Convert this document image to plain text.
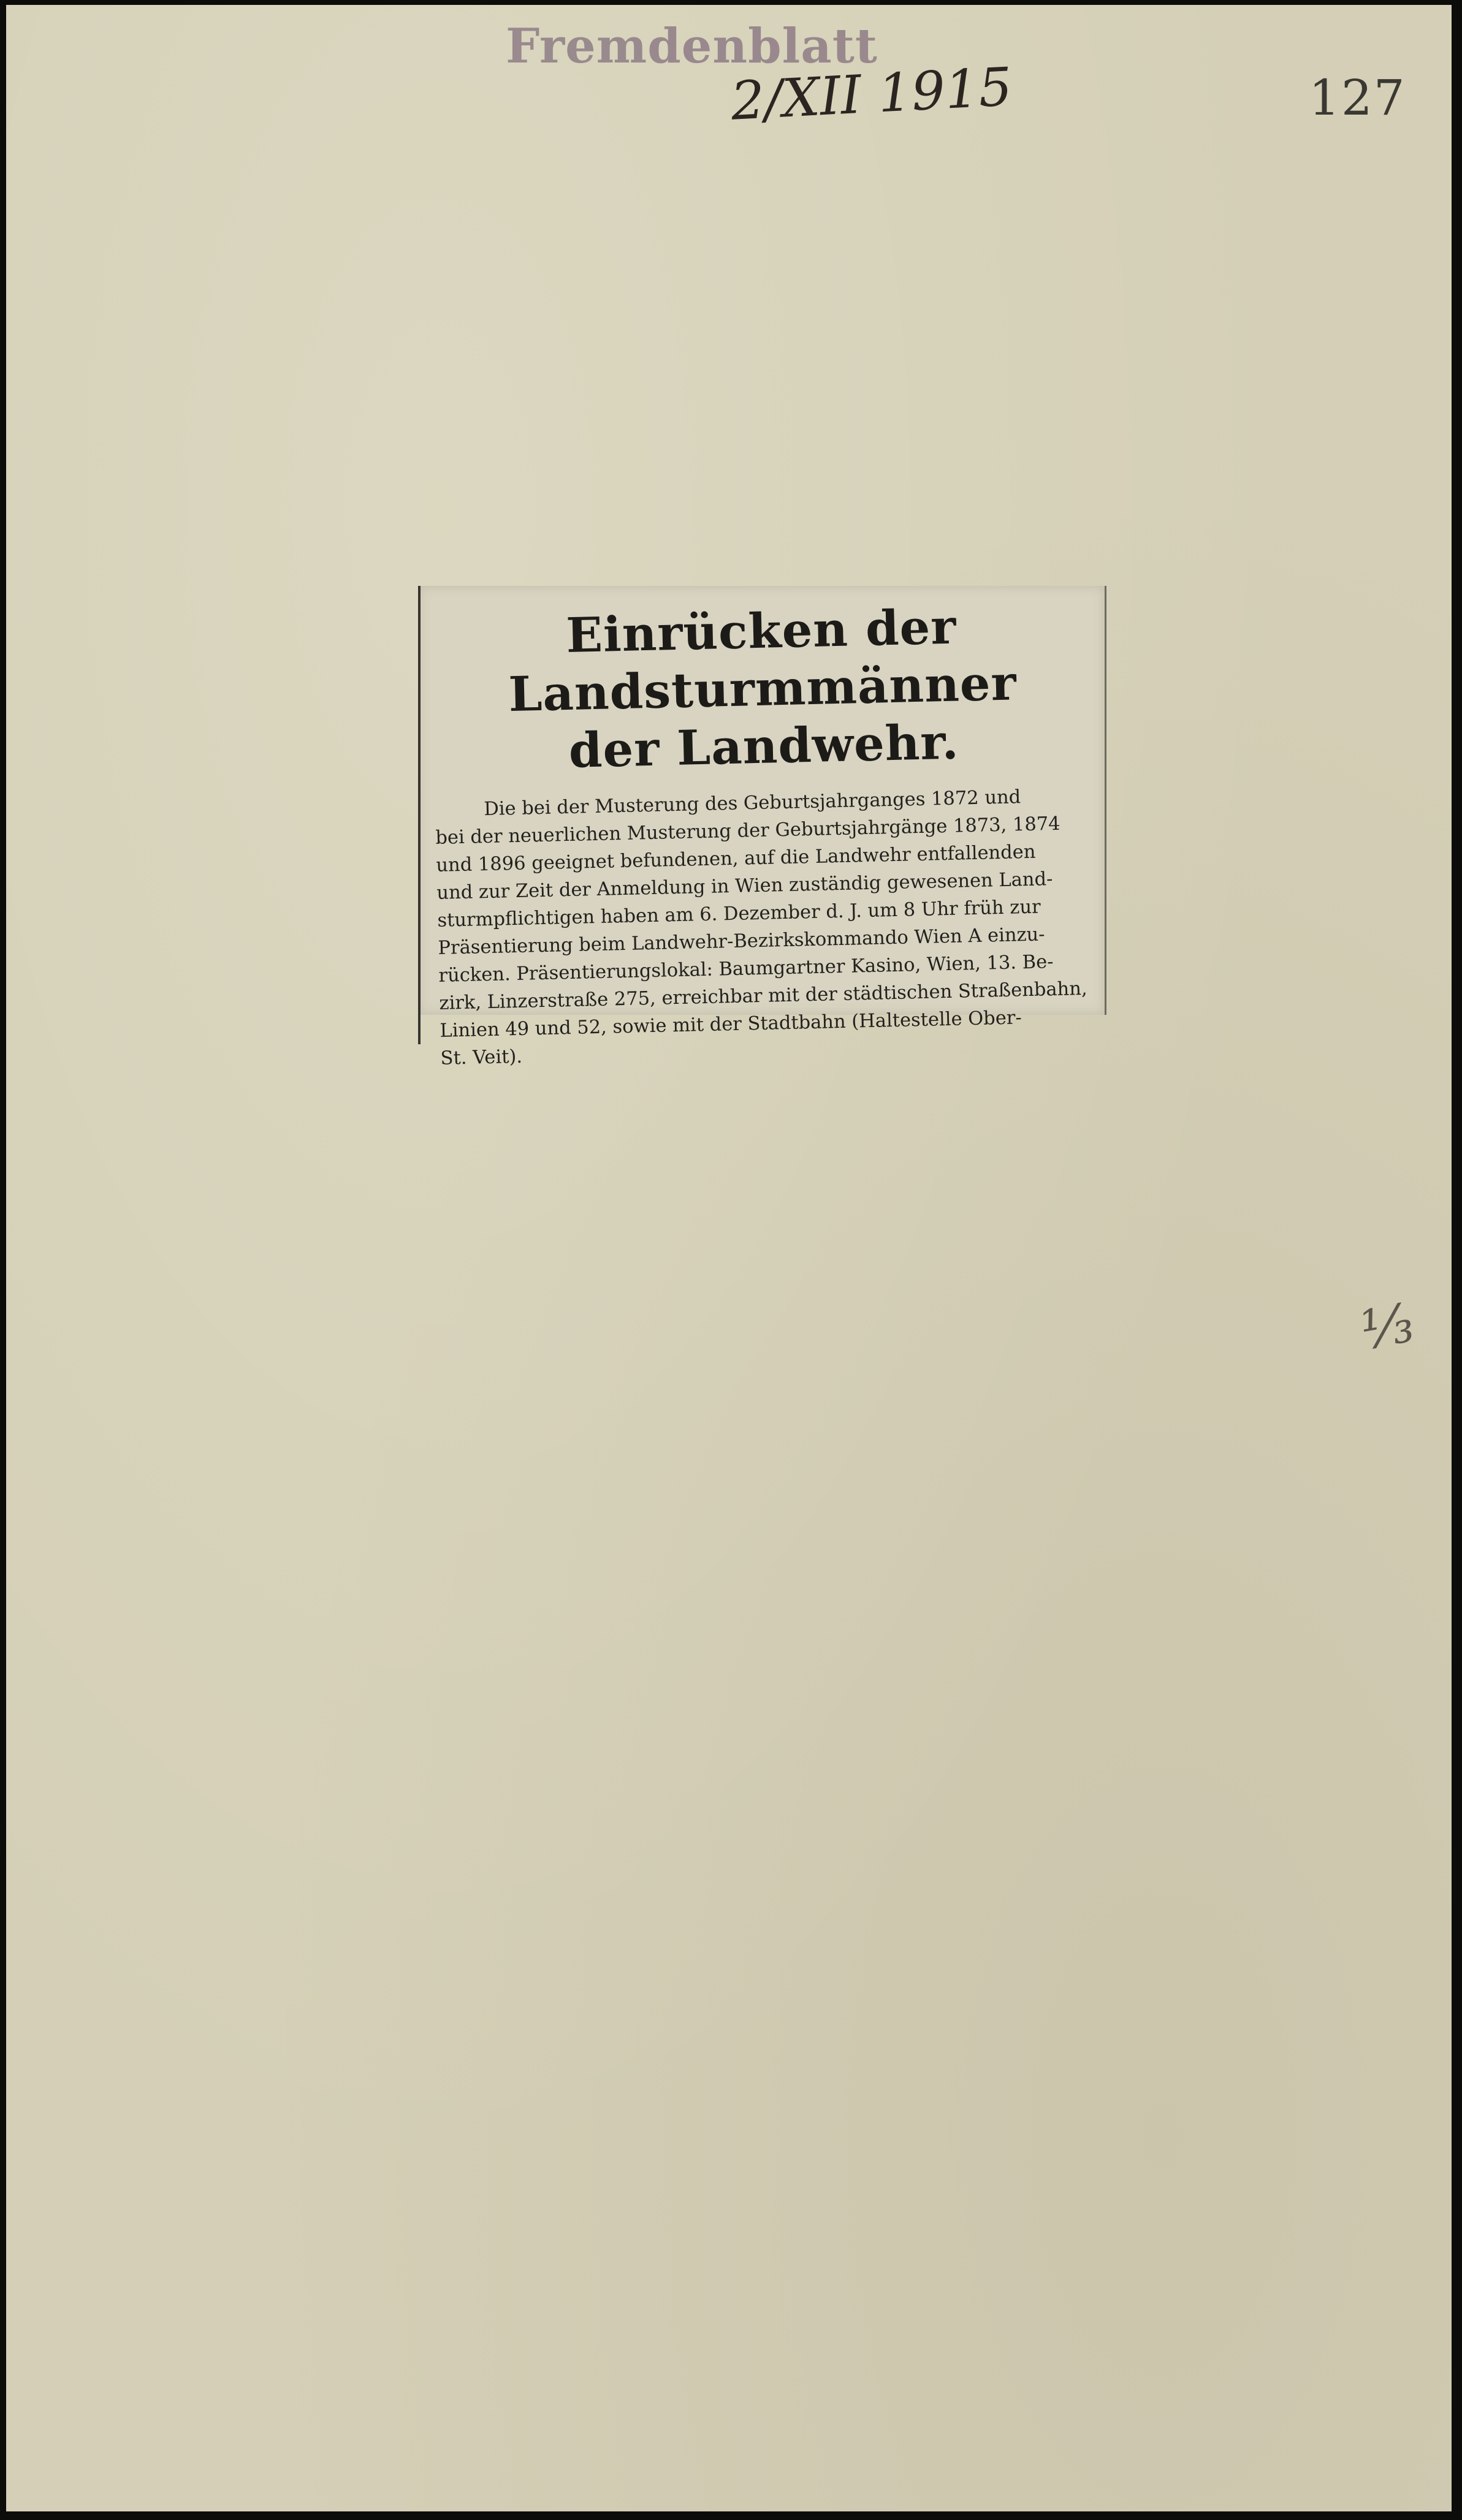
Fremdenblatt
2/XII 1915	127
⅓
Einrücken der Landsturmmänner
der Landwehr.
Die bei der Musterung des Geburtsjahrganges 1872 und
bei der neuerlichen Musterung der Geburtsjahrgänge 1873, 1874
und 1896 geeignet befundenen, auf die Landwehr entfallenden
und zur Zeit der Anmeldung in Wien zuständig gewesenen Land-
sturmpflichtigen haben am 6. Dezember d. J. um 8 Uhr früh zur
Präsentierung beim Landwehr-Bezirkskommando Wien A einzu-
rücken. Präsentierungslokal: Baumgartner Kasino, Wien, 13. Be-
zirk, Linzerstraße 275, erreichbar mit der städtischen Straßenbahn,
Linien 49 und 52, sowie mit der Stadtbahn (Haltestelle Ober-
St. Veit).
